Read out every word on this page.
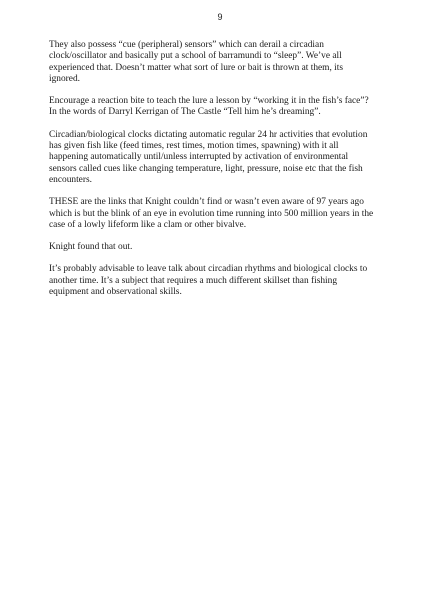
9

They also possess “cue (peripheral) sensors” which can derail a circadian
clock/oscillator and basically put a school of barramundi to “sleep”. We’ve all
experienced that. Doesn’t matter what sort of lure or bait is thrown at them, its
ignored.

Encourage a reaction bite to teach the lure a lesson by “working it in the fish’s face”?
In the words of Darryl Kerrigan of The Castle “Tell him he’s dreaming”.

Circadian/biological clocks dictating automatic regular 24 hr activities that evolution
has given fish like (feed times, rest times, motion times, spawning) with it all
happening automatically until/unless interrupted by activation of environmental
sensors called cues like changing temperature, light, pressure, noise etc that the fish
encounters.

THESE are the links that Knight couldn’t find or wasn’t even aware of 97 years ago
which is but the blink of an eye in evolution time running into 500 million years in the
case of a lowly lifeform like a clam or other bivalve.

Knight found that out.

It’s probably advisable to leave talk about circadian rhythms and biological clocks to
another time. It’s a subject that requires a much different skillset than fishing
equipment and observational skills.
